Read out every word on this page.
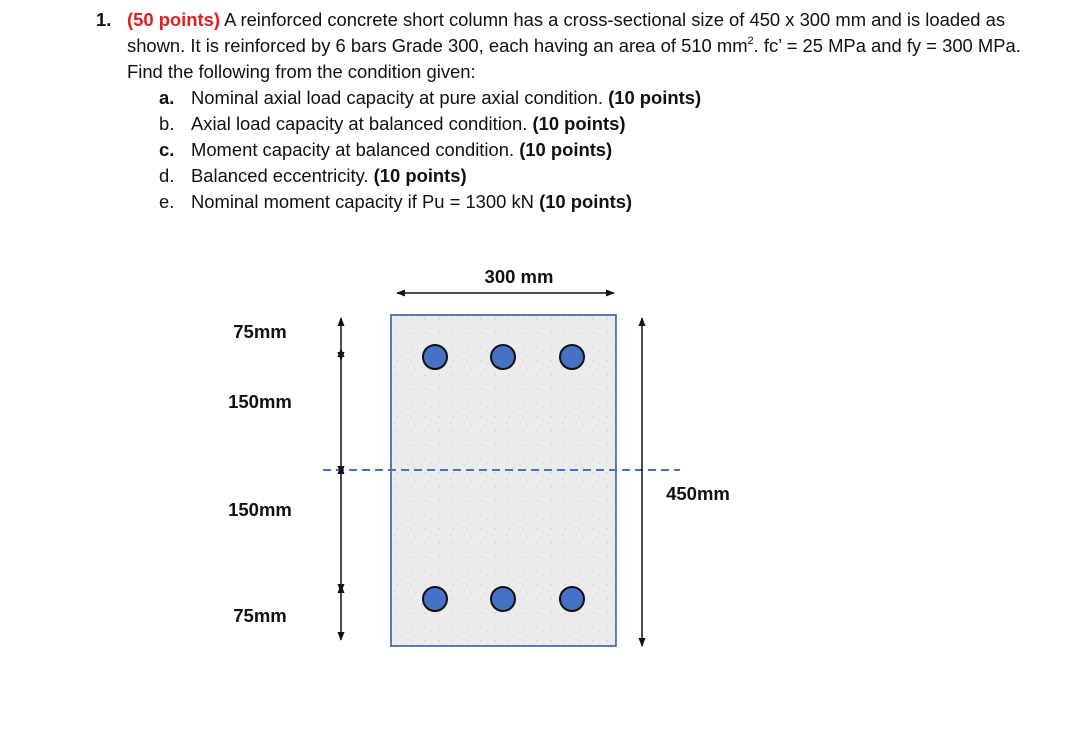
1. (50 points) A reinforced concrete short column has a cross-sectional size of 450 x 300 mm and is loaded as shown. It is reinforced by 6 bars Grade 300, each having an area of 510 $mm^2$. fc’ = 25 MPa and fy = 300 MPa. Find the following from the condition given:
a. Nominal axial load capacity at pure axial condition. (10 points)
b. Axial load capacity at balanced condition. (10 points)
c. Moment capacity at balanced condition. (10 points)
d. Balanced eccentricity. (10 points)
e. Nominal moment capacity if Pu = 1300 kN (10 points)
300 mm
450mm
75mm
150mm
150mm
75mm
